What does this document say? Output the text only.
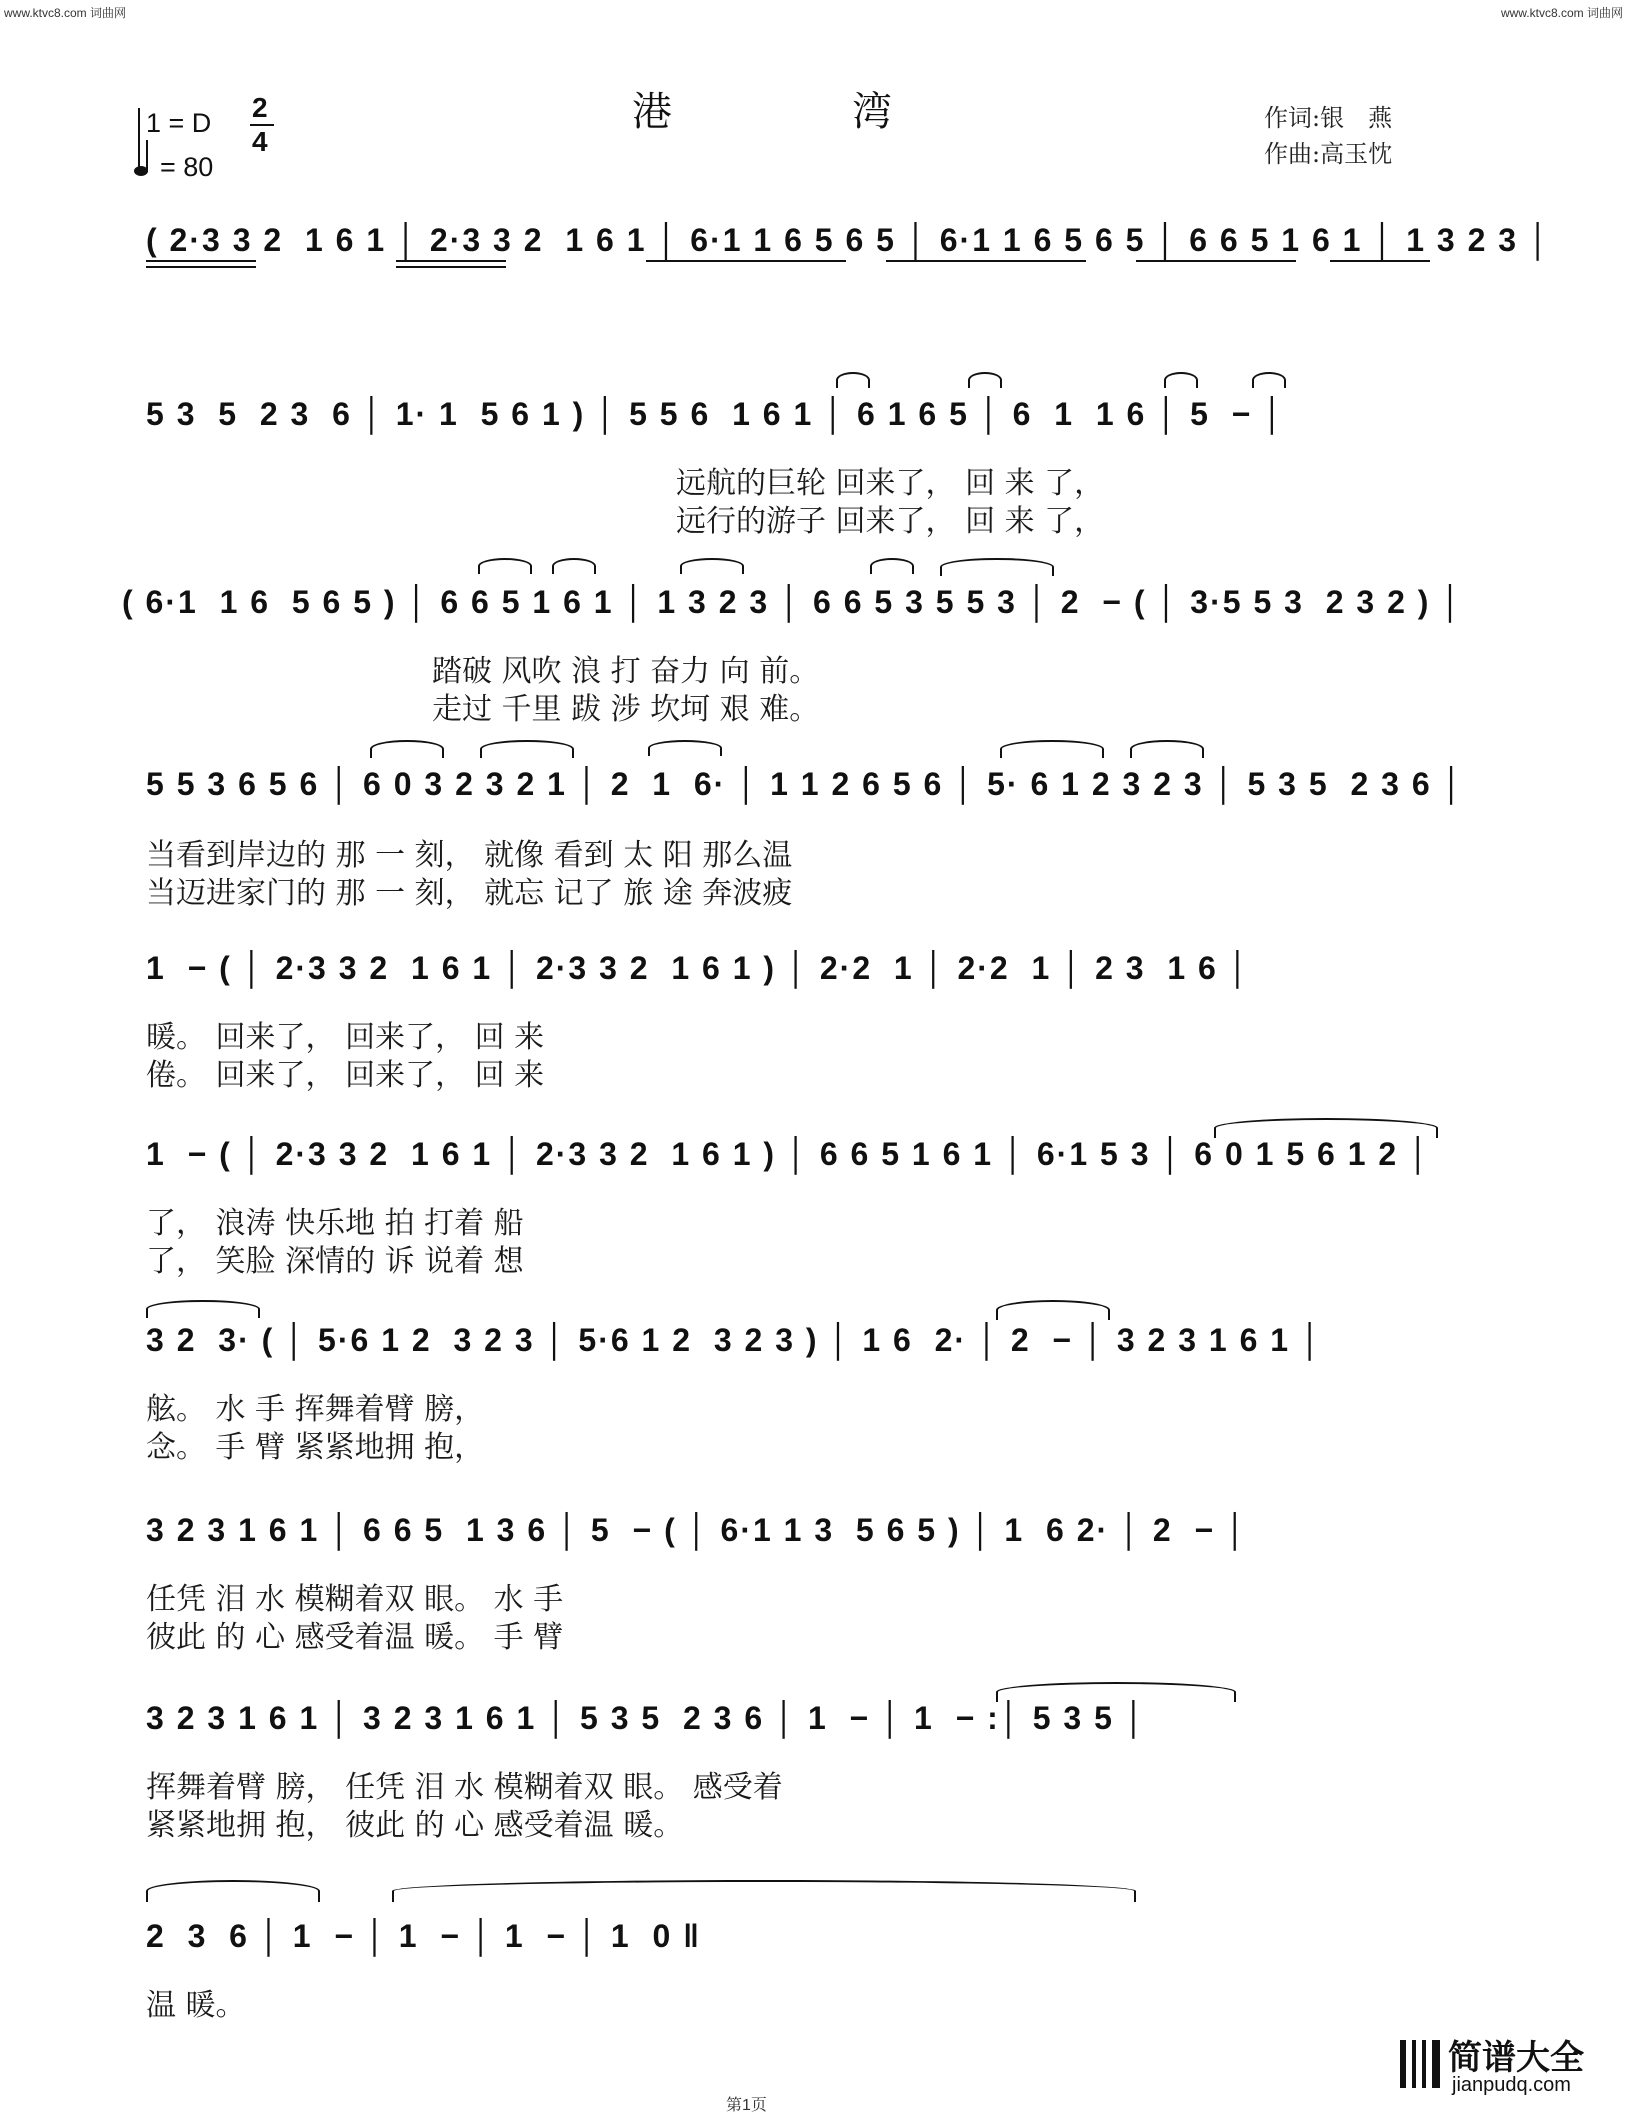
www.ktvc8.com 词曲网	www.ktvc8.com 词曲网
港湾	作词:银　燕
作曲:高玉忱
1 = D 2
4
= 80
( 2·3 3 2  1 6 1 │ 2·3 3 2  1 6 1 │ 6·1 1 6 5 6 5 │ 6·1 1 6 5 6 5 │ 6 6 5 1 6 1 │ 1 3 2 3 │
5 3  5  2 3  6 │ 1· 1  5 6 1 ) │ 5 5 6  1 6 1 │ 6 1 6 5 │ 6  1  1 6 │ 5  − │
远航的巨轮 回来了， 回 来 了，
远行的游子 回来了， 回 来 了，
( 6·1  1 6  5 6 5 ) │ 6 6 5 1 6 1 │ 1 3 2 3 │ 6 6 5 3 5 5 3 │ 2  − ( │ 3·5 5 3  2 3 2 ) │
踏破 风吹 浪 打 奋力 向 前。
走过 千里 跋 涉 坎坷 艰 难。
5 5 3 6 5 6 │ 6 0 3 2 3 2 1 │ 2  1  6· │ 1 1 2 6 5 6 │ 5· 6 1 2 3 2 3 │ 5 3 5  2 3 6 │
当看到岸边的 那 一 刻， 就像 看到 太 阳 那么温
当迈进家门的 那 一 刻， 就忘 记了 旅 途 奔波疲
1  − ( │ 2·3 3 2  1 6 1 │ 2·3 3 2  1 6 1 ) │ 2·2  1 │ 2·2  1 │ 2 3  1 6 │
暖。 回来了， 回来了， 回 来
倦。 回来了， 回来了， 回 来
1  − ( │ 2·3 3 2  1 6 1 │ 2·3 3 2  1 6 1 ) │ 6 6 5 1 6 1 │ 6·1 5 3 │ 6 0 1 5 6 1 2 │
了， 浪涛 快乐地 拍 打着 船
了， 笑脸 深情的 诉 说着 想
3 2  3· ( │ 5·6 1 2  3 2 3 │ 5·6 1 2  3 2 3 ) │ 1 6  2· │ 2  − │ 3 2 3 1 6 1 │
舷。 水 手 挥舞着臂 膀，
念。 手 臂 紧紧地拥 抱，
3 2 3 1 6 1 │ 6 6 5  1 3 6 │ 5  − ( │ 6·1 1 3  5 6 5 ) │ 1  6 2· │ 2  − │
任凭 泪 水 模糊着双 眼。 水 手
彼此 的 心 感受着温 暖。 手 臂
3 2 3 1 6 1 │ 3 2 3 1 6 1 │ 5 3 5  2 3 6 │ 1  − │ 1  − :│ 5 3 5 │
挥舞着臂 膀， 任凭 泪 水 模糊着双 眼。 感受着
紧紧地拥 抱， 彼此 的 心 感受着温 暖。
2  3  6 │ 1  − │ 1  − │ 1  − │ 1  0 ‖
温 暖。
简谱大全
jianpudq.com
第1页
